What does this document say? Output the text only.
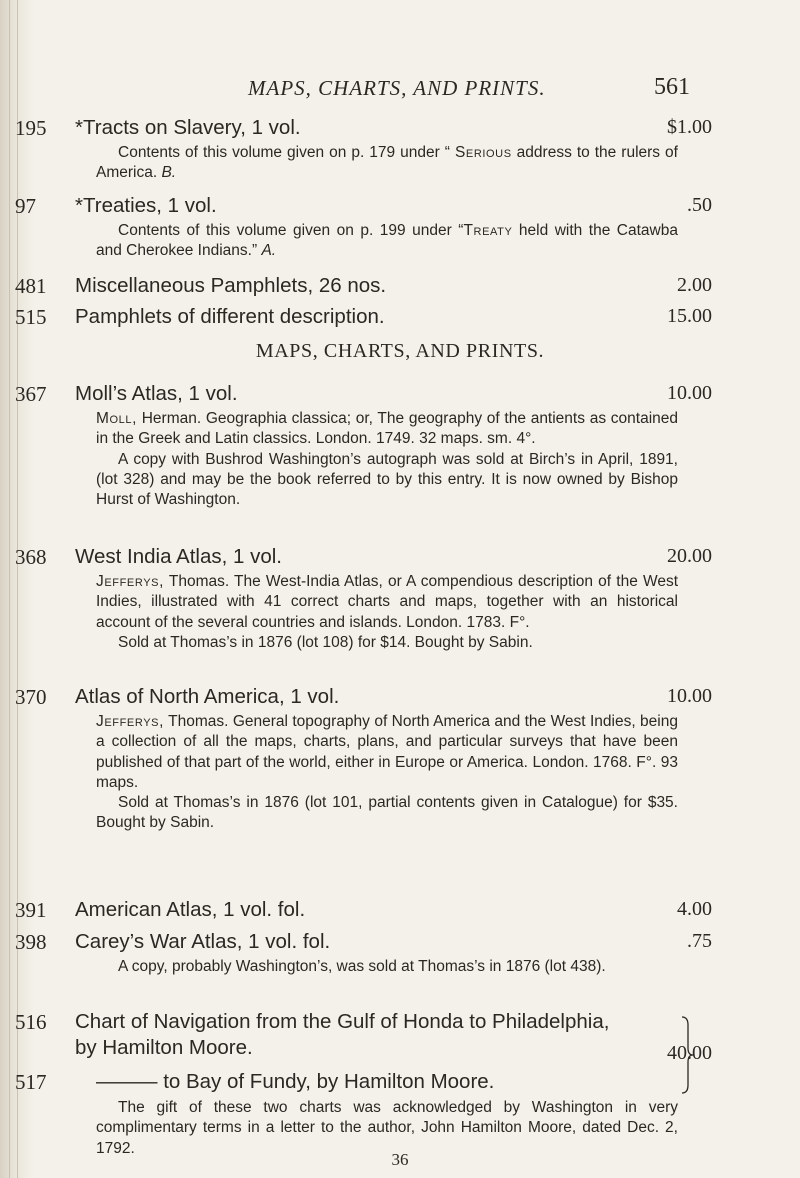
MAPS, CHARTS, AND PRINTS.	561
195	*Tracts on Slavery, 1 vol.	$1.00

Contents of this volume given on p. 179 under “ Serious address to the rulers of America. B.

97	*Treaties, 1 vol.	.50

Contents of this volume given on p. 199 under “Treaty held with the Catawba and Cherokee Indians.” A.

481	Miscellaneous Pamphlets, 26 nos.	2.00
515	Pamphlets of different description.	15.00
MAPS, CHARTS, AND PRINTS.
367	Moll’s Atlas, 1 vol.	10.00

Moll, Herman. Geographia classica; or, The geography of the antients as contained in the Greek and Latin classics. London. 1749. 32 maps. sm. 4°.

A copy with Bushrod Washington’s autograph was sold at Birch’s in April, 1891, (lot 328) and may be the book referred to by this entry. It is now owned by Bishop Hurst of Washington.

368	West India Atlas, 1 vol.	20.00

Jefferys, Thomas. The West-India Atlas, or A compendious description of the West Indies, illustrated with 41 correct charts and maps, together with an historical account of the several countries and islands. London. 1783. F°.

Sold at Thomas’s in 1876 (lot 108) for $14. Bought by Sabin.

370	Atlas of North America, 1 vol.	10.00

Jefferys, Thomas. General topography of North America and the West Indies, being a collection of all the maps, charts, plans, and particular surveys that have been published of that part of the world, either in Europe or America. London. 1768. F°. 93 maps.

Sold at Thomas’s in 1876 (lot 101, partial contents given in Catalogue) for $35. Bought by Sabin.

391	American Atlas, 1 vol. fol.	4.00
398	Carey’s War Atlas, 1 vol. fol.	.75

A copy, probably Washington’s, was sold at Thomas’s in 1876 (lot 438).

516	Chart of Navigation from the Gulf of Honda to Philadelphia,
by Hamilton Moore.	40.00
517	——— to Bay of Fundy, by Hamilton Moore.

The gift of these two charts was acknowledged by Washington in very complimentary terms in a letter to the author, John Hamilton Moore, dated Dec. 2, 1792.

36
